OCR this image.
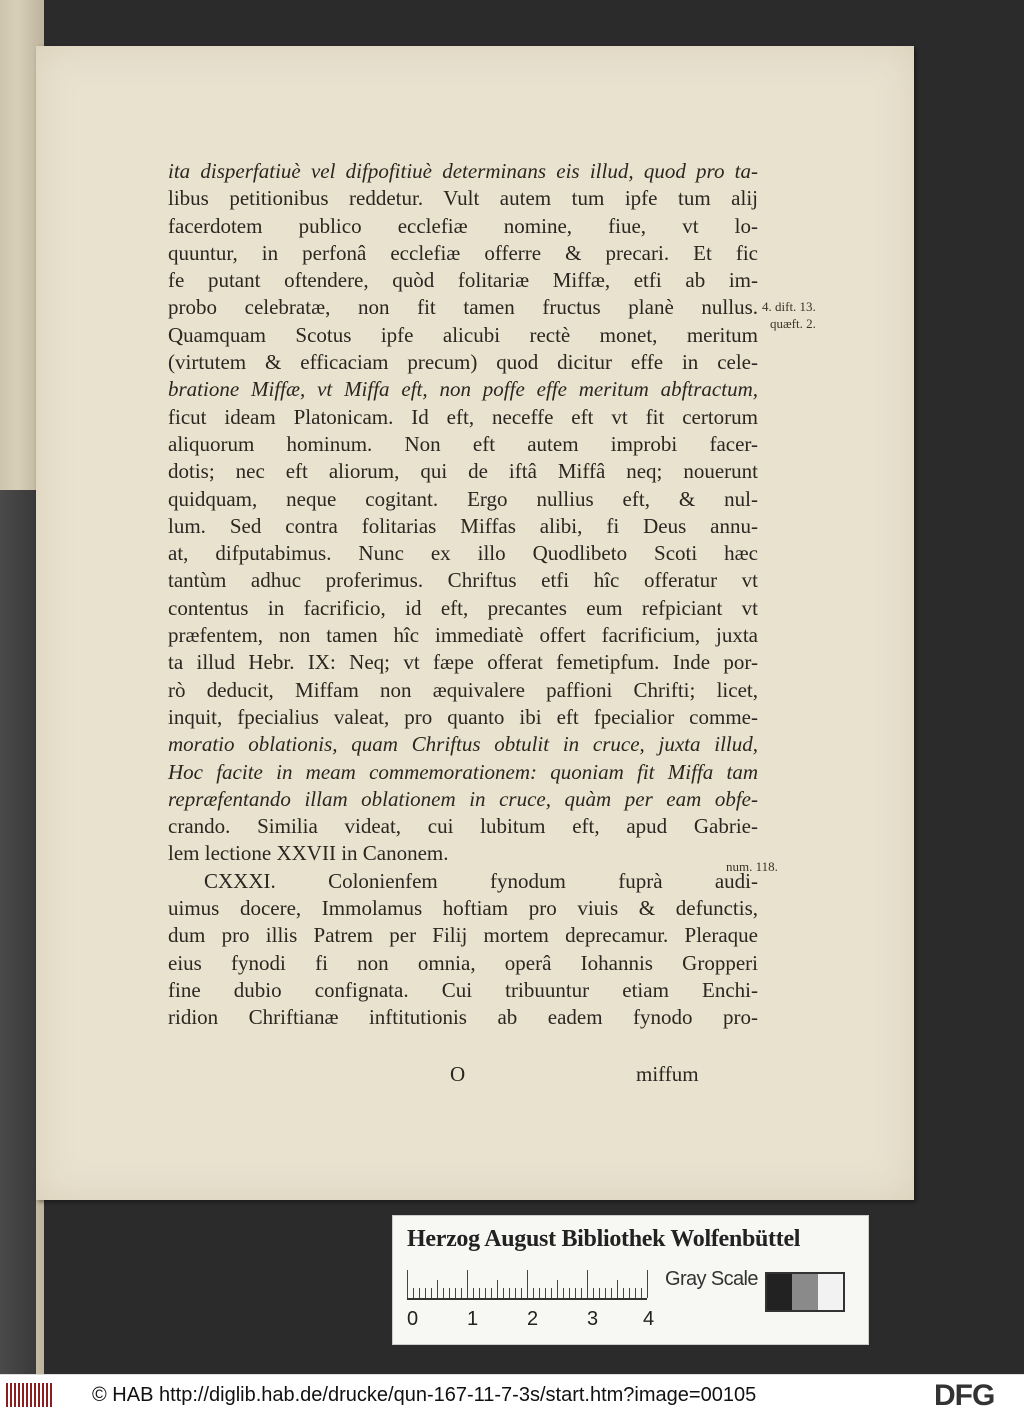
ita disperfatiuè vel difpofitiuè determinans eis illud, quod pro ta-
libus petitionibus reddetur. Vult autem tum ipfe tum alij
facerdotem publico ecclefiæ nomine, fiue, vt lo-
quuntur, in perfonâ ecclefiæ offerre & precari. Et fic
fe putant oftendere, quòd folitariæ Miffæ, etfi ab im-
probo celebratæ, non fit tamen fructus planè nullus.
Quamquam Scotus ipfe alicubi rectè monet, meritum
(virtutem & efficaciam precum) quod dicitur effe in cele-
bratione Miffæ, vt Miffa eft, non poffe effe meritum abftractum,
ficut ideam Platonicam. Id eft, neceffe eft vt fit certorum
aliquorum hominum. Non eft autem improbi facer-
dotis; nec eft aliorum, qui de iftâ Miffâ neq; nouerunt
quidquam, neque cogitant. Ergo nullius eft, & nul-
lum. Sed contra folitarias Miffas alibi, fi Deus annu-
at, difputabimus. Nunc ex illo Quodlibeto Scoti hæc
tantùm adhuc proferimus. Chriftus etfi hîc offeratur vt
contentus in facrificio, id eft, precantes eum refpiciant vt
præfentem, non tamen hîc immediatè offert facrificium, juxta
ta illud Hebr. IX: Neq; vt fæpe offerat femetipfum. Inde por-
rò deducit, Miffam non æquivalere paffioni Chrifti; licet,
inquit, fpecialius valeat, pro quanto ibi eft fpecialior comme-
moratio oblationis, quam Chriftus obtulit in cruce, juxta illud,
Hoc facite in meam commemorationem: quoniam fit Miffa tam
repræfentando illam oblationem in cruce, quàm per eam obfe-
crando. Similia videat, cui lubitum eft, apud Gabrie-
lem lectione XXVII in Canonem.
CXXXI. Colonienfem fynodum fuprà audi-
uimus docere, Immolamus hoftiam pro viuis & defunctis,
dum pro illis Patrem per Filij mortem deprecamur. Pleraque
eius fynodi fi non omnia, operâ Iohannis Gropperi
fine dubio confignata. Cui tribuuntur etiam Enchi-
ridion Chriftianæ inftitutionis ab eadem fynodo pro-
4. dift. 13.
quæft. 2.
num. 118.
O	miffum
Herzog August Bibliothek Wolfenbüttel
0 1 2 3 4
Gray Scale
© HAB http://diglib.hab.de/drucke/qun-167-11-7-3s/start.htm?image=00105	DFG
